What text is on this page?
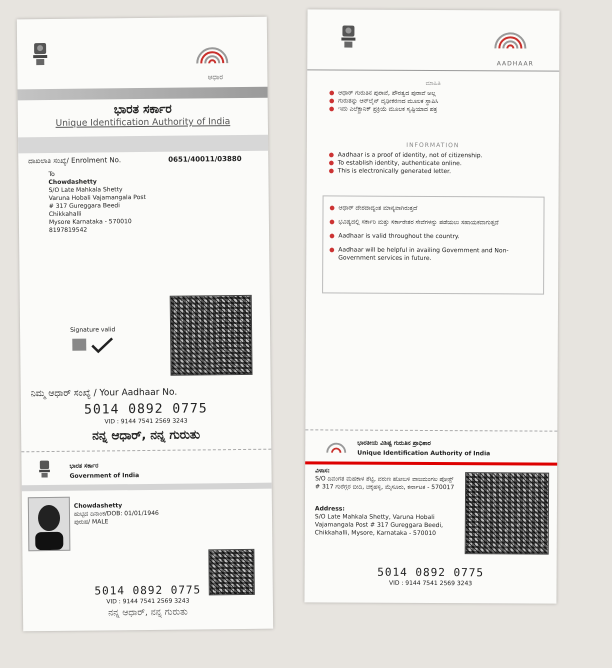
ಆಧಾರ
ಭಾರತ ಸರ್ಕಾರ
Unique Identification Authority of India
ದಾಖಲಾತಿ ಸಂಖ್ಯೆ/ Enrolment No.	0651/40011/03880
To
Chowdashetty
S/O Late Mahkala Shetty
Varuna Hobali Vajamangala Post
# 317 Gureggara Beedi
Chikkahalli
Mysore Karnataka - 570010
8197819542
Signature valid
ನಿಮ್ಮ ಆಧಾರ್ ಸಂಖ್ಯೆ / Your Aadhaar No.
5014 0892 0775
VID : 9144 7541 2569 3243
ನನ್ನ ಆಧಾರ್, ನನ್ನ ಗುರುತು
ಭಾರತ ಸರ್ಕಾರ
Government of India
Chowdashetty
ಹುಟ್ಟಿದ ದಿನಾಂಕ/DOB: 01/01/1946
ಪುರುಷ/ MALE
5014 0892 0775
VID : 9144 7541 2569 3243
ನನ್ನ ಆಧಾರ್, ನನ್ನ ಗುರುತು
AADHAAR
ಮಾಹಿತಿ
● ಆಧಾರ್ ಗುರುತಿನ ಪುರಾವೆ, ಪೌರತ್ವದ ಪುರಾವೆ ಅಲ್ಲ
● ಗುರುತನ್ನು ಆನ್‌ಲೈನ್ ದೃಢೀಕರಣದ ಮೂಲಕ ಸ್ಥಾಪಿಸಿ
● ಇದು ಎಲೆಕ್ಟ್ರಾನಿಕ್ ಪ್ರಕ್ರಿಯೆ ಮೂಲಕ ಸೃಷ್ಟಿಯಾದ ಪತ್ರ
INFORMATION
● Aadhaar is a proof of identity, not of citizenship.
● To establish identity, authenticate online.
● This is electronically generated letter.
● ಆಧಾರ್ ದೇಶದಾದ್ಯಂತ ಮಾನ್ಯವಾಗಿರುತ್ತದೆ
● ಭವಿಷ್ಯದಲ್ಲಿ ಸರ್ಕಾರಿ ಮತ್ತು ಸರ್ಕಾರೇತರ ಸೇವೆಗಳನ್ನು ಪಡೆಯಲು ಸಹಾಯಕವಾಗುತ್ತದೆ
● Aadhaar is valid throughout the country.
● Aadhaar will be helpful in availing Government and Non-Government services in future.
ಭಾರತೀಯ ವಿಶಿಷ್ಟ ಗುರುತಿನ ಪ್ರಾಧಿಕಾರ
Unique Identification Authority of India
ವಿಳಾಸ:
S/O ದಿವಂಗತ ಮಹಕಾಳ ಶೆಟ್ಟಿ, ವರುಣ ಹೋಬಳಿ ವಾಜಮಂಗಲ ಪೋಸ್ಟ್ # 317 ಗುರೆಗ್ಗರ ಬೀದಿ, ಚಿಕ್ಕಹಳ್ಳಿ, ಮೈಸೂರು, ಕರ್ನಾಟಕ - 570017
Address:
S/O Late Mahkala Shetty, Varuna Hobali Vajamangala Post # 317 Gureggara Beedi, Chikkahalli, Mysore, Karnataka - 570010
5014 0892 0775
VID : 9144 7541 2569 3243
